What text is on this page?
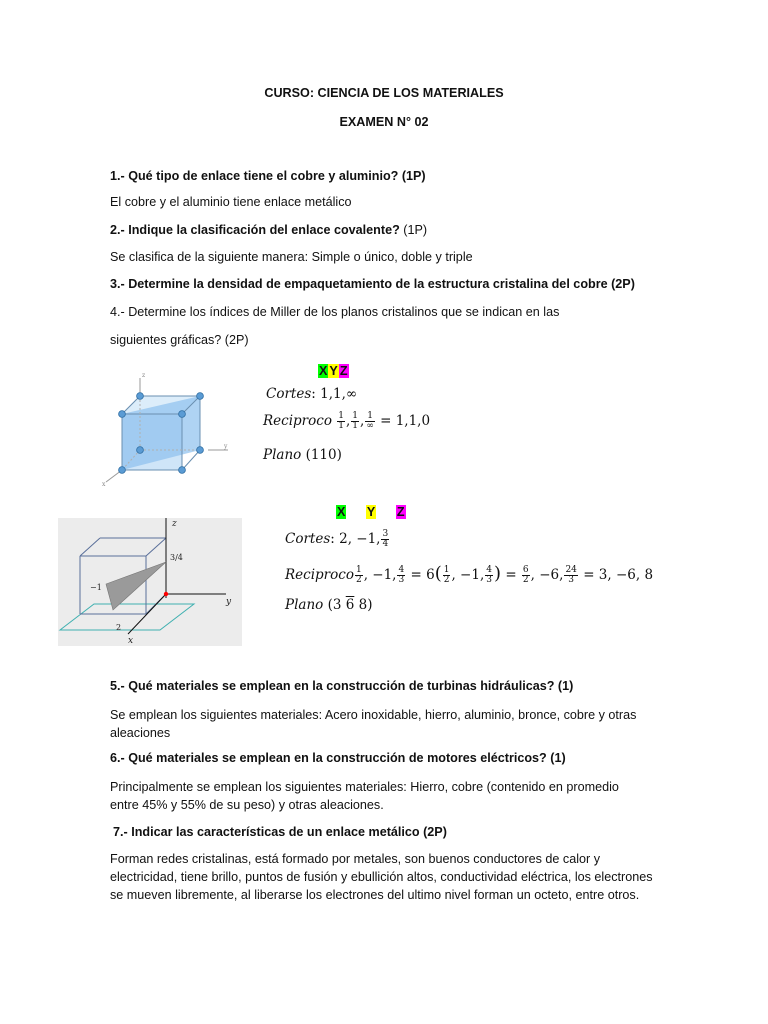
CURSO: CIENCIA DE LOS MATERIALES
EXAMEN N° 02
1.- Qué tipo de enlace tiene el cobre y aluminio? (1P)
El cobre y el aluminio tiene enlace metálico
2.- Indique la clasificación del enlace covalente? (1P)
Se clasifica de la siguiente manera: Simple o único, doble y triple
3.- Determine la densidad de empaquetamiento de la estructura cristalina del cobre (2P)
4.- Determine los índices de Miller de los planos cristalinos que se indican en las
siguientes gráficas? (2P)
z
y
x
X Y Z
Cortes: 1,1,∞
Reciproco $\frac{1}{1}$ , $\frac{1}{1}$ , $\frac{1}{\infty} = 1,1,0$
Plano (110)
z
y
x
3/4
−1
2
X Y Z
Cortes: 2, −1, $\frac{3}{4}$
Reciproco $\frac{1}{2}$ , −1, $\frac{4}{3} = 6( \frac{1}{2}$ , −1, $\frac{4}{3}$ ) = $\frac{6}{2}$ , −6, $\frac{24}{3} = 3$, −6, 8
Plano (3 6 8)
5.- Qué materiales se emplean en la construcción de turbinas hidráulicas? (1)
Se emplean los siguientes materiales: Acero inoxidable, hierro, aluminio, bronce, cobre y otras aleaciones
6.- Qué materiales se emplean en la construcción de motores eléctricos? (1)
Principalmente se emplean los siguientes materiales: Hierro, cobre (contenido en promedio entre 45% y 55% de su peso) y otras aleaciones.
7.- Indicar las características de un enlace metálico (2P)
Forman redes cristalinas, está formado por metales, son buenos conductores de calor y electricidad, tiene brillo, puntos de fusión y ebullición altos, conductividad eléctrica, los electrones se mueven libremente, al liberarse los electrones del ultimo nivel forman un octeto, entre otros.
